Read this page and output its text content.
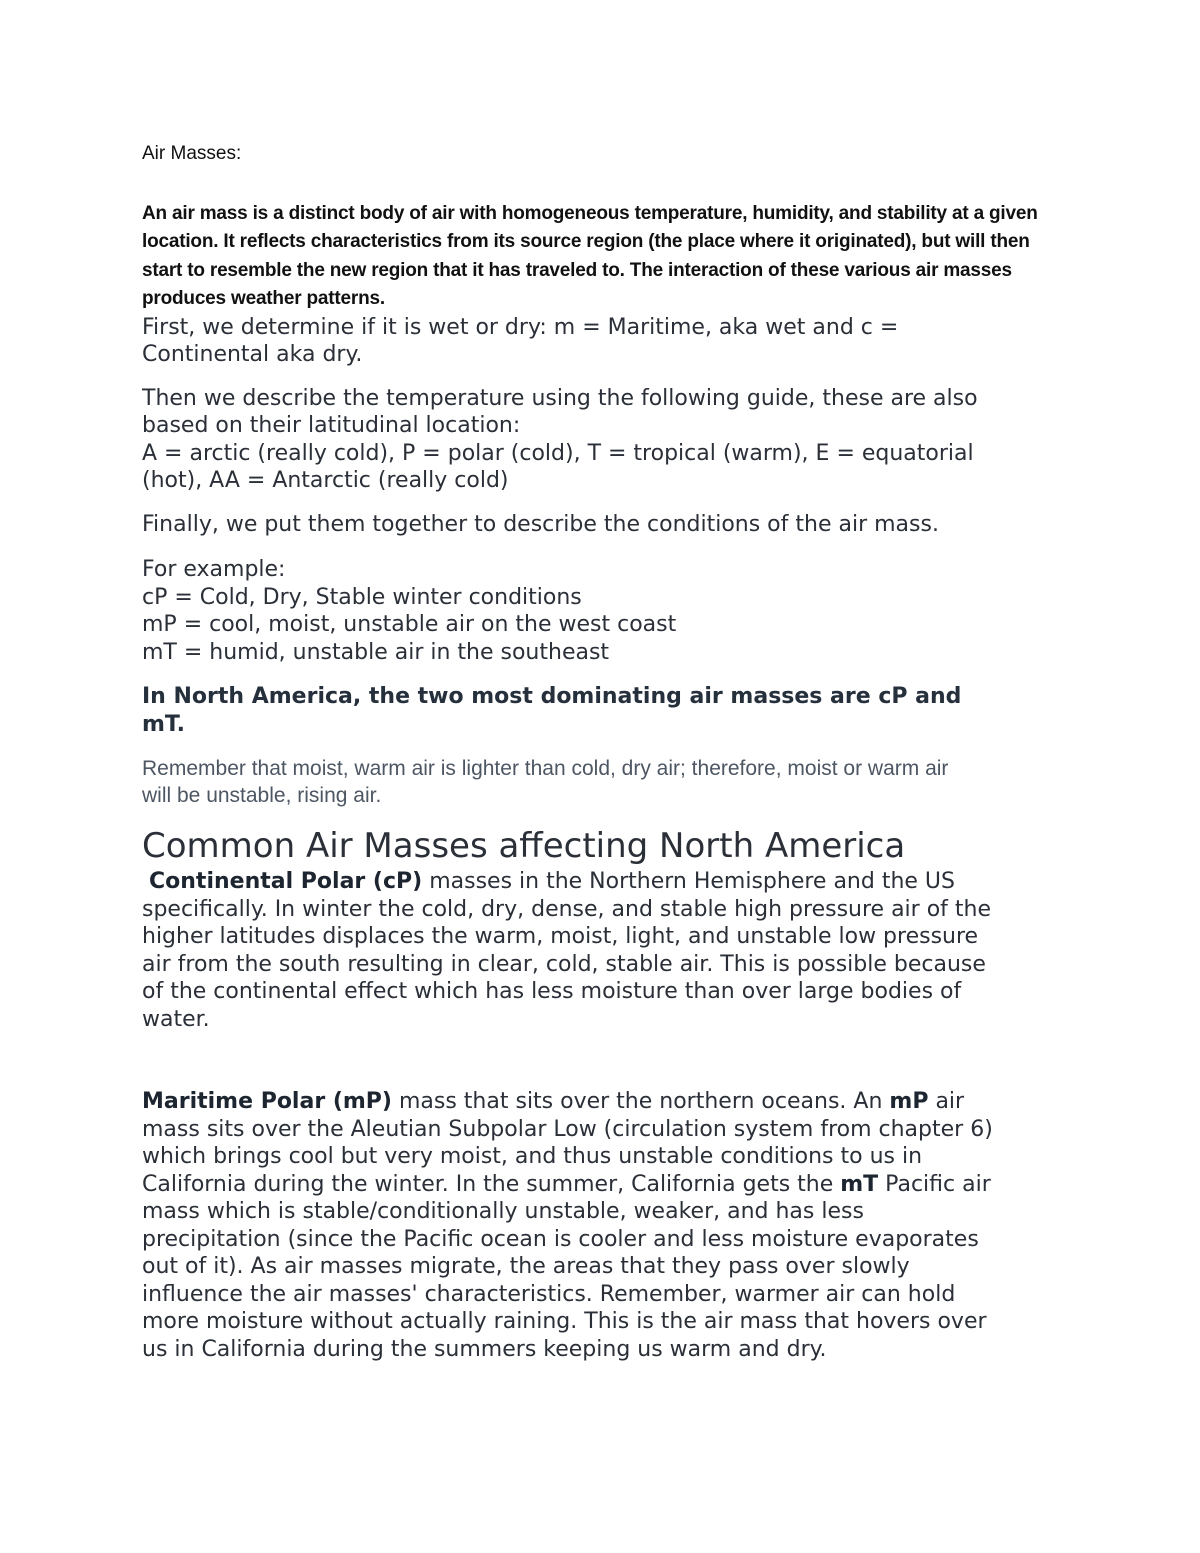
Air Masses:

An air mass is a distinct body of air with homogeneous temperature, humidity, and stability at a given location. It reflects characteristics from its source region (the place where it originated), but will then start to resemble the new region that it has traveled to. The interaction of these various air masses produces weather patterns.

First, we determine if it is wet or dry: m = Maritime, aka wet and c =
Continental aka dry.

Then we describe the temperature using the following guide, these are also
based on their latitudinal location:
A = arctic (really cold), P = polar (cold), T = tropical (warm), E = equatorial
(hot), AA = Antarctic (really cold)

Finally, we put them together to describe the conditions of the air mass.

For example:
cP = Cold, Dry, Stable winter conditions
mP = cool, moist, unstable air on the west coast
mT = humid, unstable air in the southeast

In North America, the two most dominating air masses are cP and
mT.

Remember that moist, warm air is lighter than cold, dry air; therefore, moist or warm air
will be unstable, rising air.

Common Air Masses affecting North America

Continental Polar (cP) masses in the Northern Hemisphere and the US
specifically. In winter the cold, dry, dense, and stable high pressure air of the
higher latitudes displaces the warm, moist, light, and unstable low pressure
air from the south resulting in clear, cold, stable air. This is possible because
of the continental effect which has less moisture than over large bodies of
water.

Maritime Polar (mP) mass that sits over the northern oceans. An mP air
mass sits over the Aleutian Subpolar Low (circulation system from chapter 6)
which brings cool but very moist, and thus unstable conditions to us in
California during the winter. In the summer, California gets the mT Pacific air
mass which is stable/conditionally unstable, weaker, and has less
precipitation (since the Pacific ocean is cooler and less moisture evaporates
out of it). As air masses migrate, the areas that they pass over slowly
influence the air masses' characteristics. Remember, warmer air can hold
more moisture without actually raining. This is the air mass that hovers over
us in California during the summers keeping us warm and dry.
